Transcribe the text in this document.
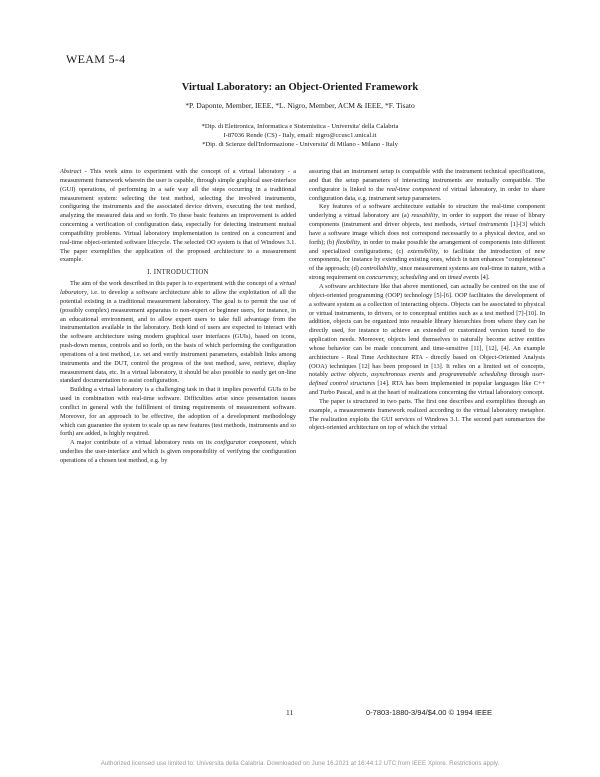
WEAM 5-4
Virtual Laboratory: an Object-Oriented Framework
*P. Daponte, Member, IEEE, *L. Nigro, Member, ACM & IEEE, *F. Tisato
*Dip. di Elettronica, Informatica e Sistemistica - Universita' della Calabria
I-87036 Rende (CS) - Italy, email: nigro@ccusc1.unical.it
*Dip. di Scienze dell'Informazione - Universita' di Milano - Milano - Italy

Abstract - This work aims to experiment with the concept of a virtual laboratory - a measurement framework wherein the user is capable, through simple graphical user-interface (GUI) operations, of performing in a safe way all the steps occurring in a traditional measurement system: selecting the test method, selecting the involved instruments, configuring the instruments and the associated device drivers, executing the test method, analyzing the measured data and so forth. To these basic features an improvement is added concerning a verification of configuration data, especially for detecting instrument mutual compatibility problems. Virtual laboratory implementation is centred on a concurrent and real-time object-oriented software lifecycle. The selected OO system is that of Windows 3.1. The paper exemplifies the application of the proposed architecture to a measurement example.

I. INTRODUCTION

The aim of the work described in this paper is to experiment with the concept of a virtual laboratory, i.e. to develop a software architecture able to allow the exploitation of all the potential existing in a traditional measurement laboratory. The goal is to permit the use of (possibly complex) measurement apparatus to non-expert or beginner users, for instance, in an educational environment, and to allow expert users to take full advantage from the instrumentation available in the laboratory. Both kind of users are expected to interact with the software architecture using modern graphical user interfaces (GUIs), based on icons, push-down menus, controls and so forth, on the basis of which performing the configuration operations of a test method, i.e. set and verify instrument parameters, establish links among instruments and the DUT, control the progress of the test method, save, retrieve, display measurement data, etc. In a virtual laboratory, it should be also possible to easily get on-line standard documentation to assist configuration.

Building a virtual laboratory is a challenging task in that it implies powerful GUIs to be used in combination with real-time software. Difficulties arise since presentation issues conflict in general with the fulfillment of timing requirements of measurement software. Moreover, for an approach to be effective, the adoption of a development methodology which can guarantee the system to scale up as new features (test methods, instruments and so forth) are added, is highly required.

A major contribute of a virtual laboratory rests on its configurator component, which underlies the user-interface and which is given responsibility of verifying the configuration operations of a chosen test method, e.g. by

assuring that an instrument setup is compatible with the instrument technical specifications, and that the setup parameters of interacting instruments are mutually compatible. The configurator is linked to the real-time component of virtual laboratory, in order to share configuration data, e.g. instrument setup parameters.

Key features of a software architecture suitable to structure the real-time component underlying a virtual laboratory are (a) reusability, in order to support the reuse of library components (instrument and driver objects, test methods, virtual instruments [1]-[3] which have a software image which does not correspond necessarily to a physical device, and so forth); (b) flexibility, in order to make possible the arrangement of components into different and specialized configurations; (c) extensibility, to facilitate the introduction of new components, for instance by extending existing ones, which in turn enhances "completeness" of the approach; (d) controllability, since measurement systems are real-time in nature, with a strong requirement on concurrency, scheduling and on timed events [4].

A software architecture like that above mentioned, can actually be centred on the use of object-oriented programming (OOP) technology [5]-[6]. OOP facilitates the development of a software system as a collection of interacting objects. Objects can be associated to physical or virtual instruments, to drivers, or to conceptual entities such as a test method [7]-[10]. In addition, objects can be organized into reusable library hierarchies from where they can be directly used, for instance to achieve an extended or customized version tuned to the application needs. Moreover, objects lend themselves to naturally become active entities whose behavior can be made concurrent and time-sensitive [11], [12], [4]. An example architecture - Real Time Architecture RTA - directly based on Object-Oriented Analysis (OOA) techniques [12] has been proposed in [13]. It relies on a limited set of concepts, notably active objects, asynchronous events and programmable scheduling through user-defined control structures [14]. RTA has been implemented in popular languages like C++ and Turbo Pascal, and is at the heart of realizations concerning the virtual laboratory concept.

The paper is structured in two parts. The first one describes and exemplifies through an example, a measurements framework realized according to the virtual laboratory metaphor. The realization exploits the GUI services of Windows 3.1. The second part summarizes the object-oriented architecture on top of which the virtual

11	0-7803-1880-3/94/$4.00 © 1994 IEEE
Authorized licensed use limited to: Universita della Calabria. Downloaded on June 16,2021 at 16:44:12 UTC from IEEE Xplore. Restrictions apply.
